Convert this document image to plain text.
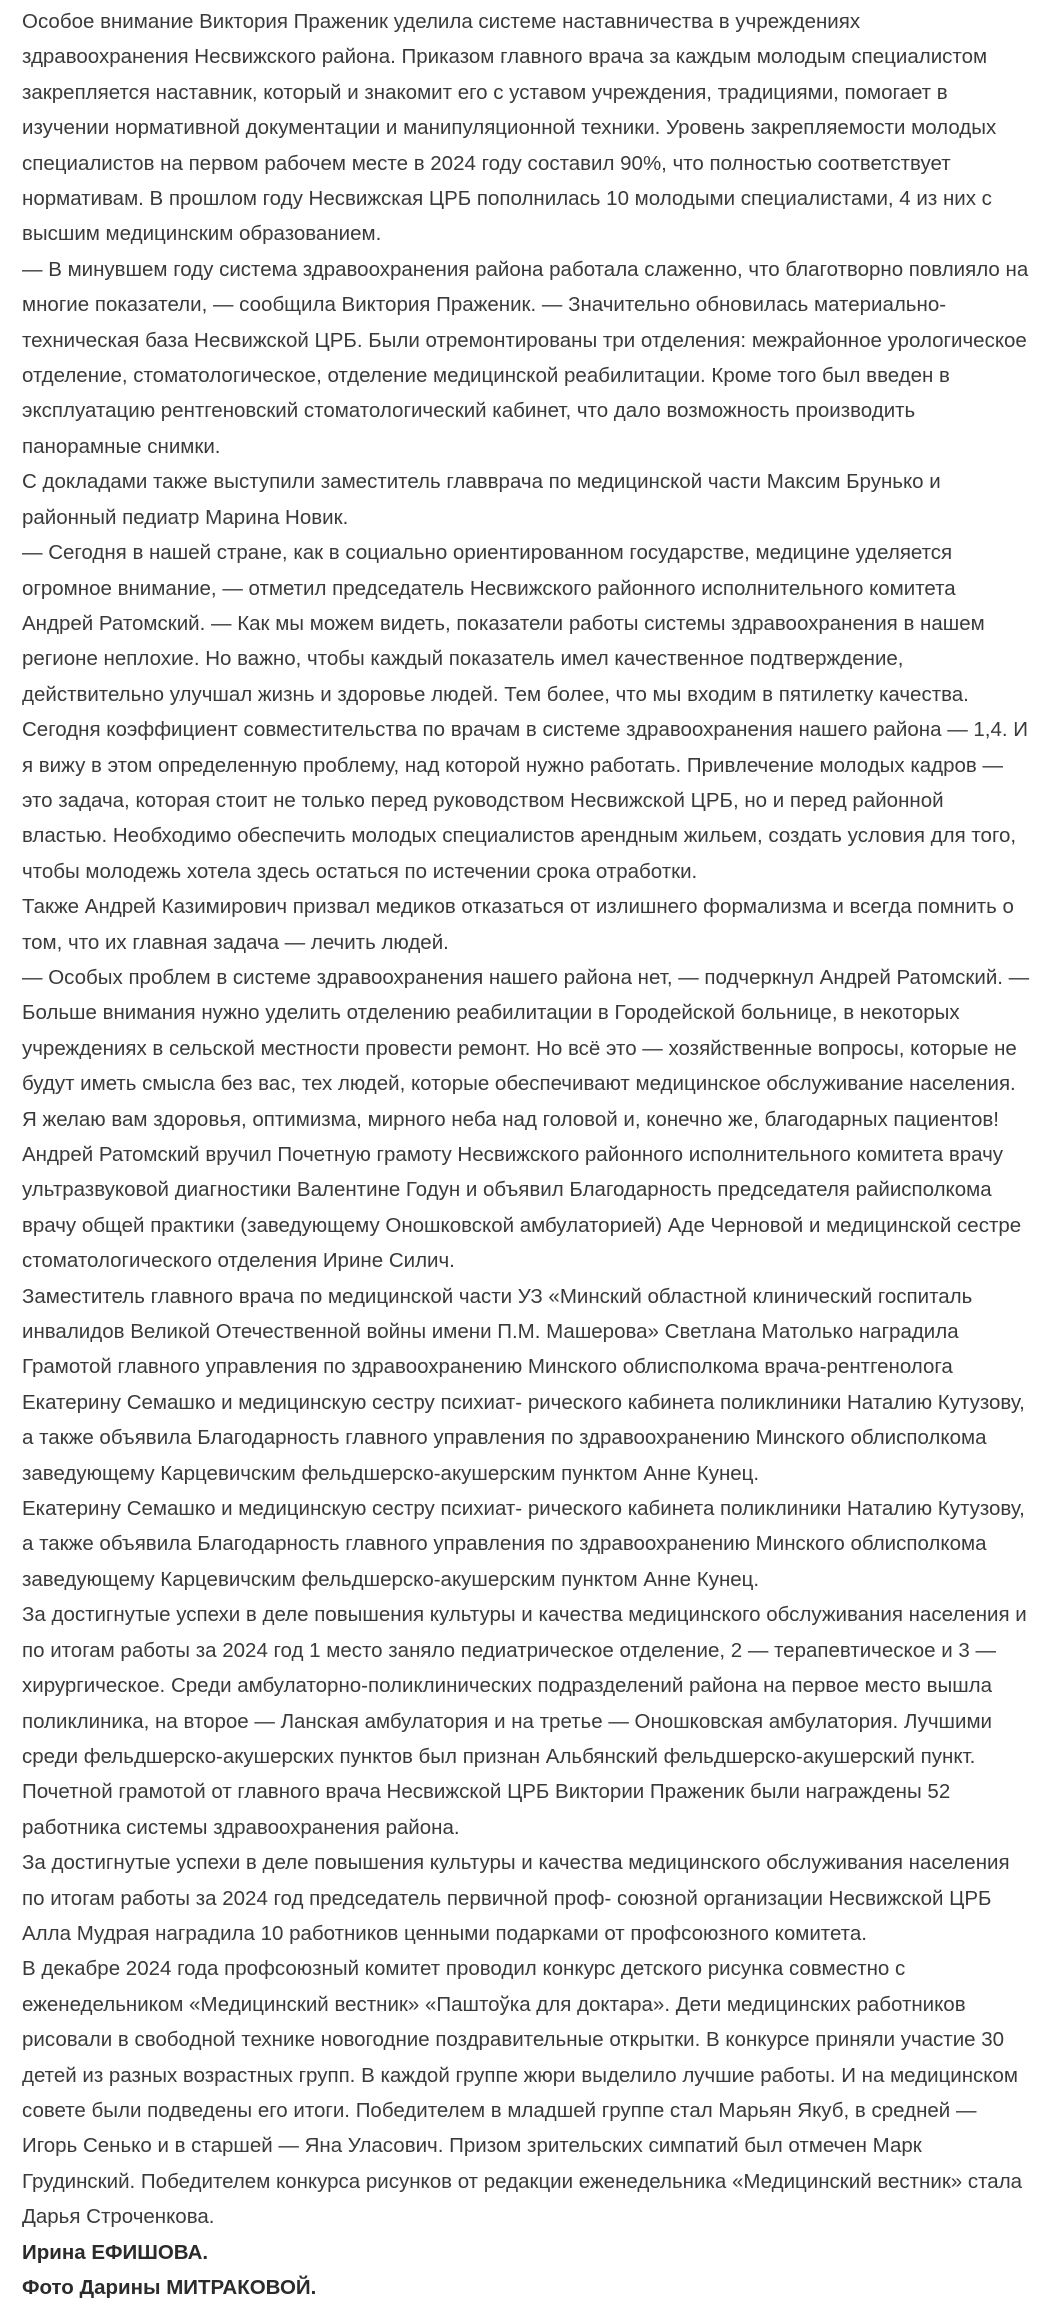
Особое внимание Виктория Праженик уделила системе наставничества в учреждениях здравоохранения Несвижского района. Приказом главного врача за каждым молодым специалистом закрепляется наставник, который и знакомит его с уставом учреждения, традициями, помогает в изучении нормативной документации и манипуляционной техники. Уровень закрепляемости молодых специалистов на первом рабочем месте в 2024 году составил 90%, что полностью соответствует нормативам. В прошлом году Несвижская ЦРБ пополнилась 10 молодыми специалистами, 4 из них с высшим медицинским образованием.

— В минувшем году система здравоохранения района работала слаженно, что благотворно повлияло на многие показатели, — сообщила Виктория Праженик. — Значительно обновилась материально-техническая база Несвижской ЦРБ. Были отремонтированы три отделения: межрайонное урологическое отделение, стоматологическое, отделение медицинской реабилитации. Кроме того был введен в эксплуатацию рентгеновский стоматологический кабинет, что дало возможность производить панорамные снимки.

С докладами также выступили заместитель главврача по медицинской части Максим Брунько и районный педиатр Марина Новик.

— Сегодня в нашей стране, как в социально ориентированном государстве, медицине уделяется огромное внимание, — отметил председатель Несвижского районного исполнительного комитета Андрей Ратомский. — Как мы можем видеть, показатели работы системы здравоохранения в нашем регионе неплохие. Но важно, чтобы каждый показатель имел качественное подтверждение, действительно улучшал жизнь и здоровье людей. Тем более, что мы входим в пятилетку качества. Сегодня коэффициент совместительства по врачам в системе здравоохранения нашего района — 1,4. И я вижу в этом определенную проблему, над которой нужно работать. Привлечение молодых кадров — это задача, которая стоит не только перед руководством Несвижской ЦРБ, но и перед районной властью. Необходимо обеспечить молодых специалистов арендным жильем, создать условия для того, чтобы молодежь хотела здесь остаться по истечении срока отработки.

Также Андрей Казимирович призвал медиков отказаться от излишнего формализма и всегда помнить о том, что их главная задача — лечить людей.

— Особых проблем в системе здравоохранения нашего района нет, — подчеркнул Андрей Ратомский. — Больше внимания нужно уделить отделению реабилитации в Городейской больнице, в некоторых учреждениях в сельской местности провести ремонт. Но всё это — хозяйственные вопросы, которые не будут иметь смысла без вас, тех людей, которые обеспечивают медицинское обслуживание населения. Я желаю вам здоровья, оптимизма, мирного неба над головой и, конечно же, благодарных пациентов!

Андрей Ратомский вручил Почетную грамоту Несвижского районного исполнительного комитета врачу ультразвуковой диагностики Валентине Годун и объявил Благодарность председателя райисполкома врачу общей практики (заведующему Оношковской амбулаторией) Аде Черновой и медицинской сестре стоматологического отделения Ирине Силич.

Заместитель главного врача по медицинской части УЗ «Минский областной клинический госпиталь инвалидов Великой Отечественной войны имени П.М. Машерова» Светлана Матолько наградила Грамотой главного управления по здравоохранению Минского облисполкома врача-рентгенолога Екатерину Семашко и медицинскую сестру психиат- рического кабинета поликлиники Наталию Кутузову, а также объявила Благодарность главного управления по здравоохранению Минского облисполкома заведующему Карцевичским фельдшерско-акушерским пунктом Анне Кунец.

Екатерину Семашко и медицинскую сестру психиат- рического кабинета поликлиники Наталию Кутузову, а также объявила Благодарность главного управления по здравоохранению Минского облисполкома заведующему Карцевичским фельдшерско-акушерским пунктом Анне Кунец.

За достигнутые успехи в деле повышения культуры и качества медицинского обслуживания населения и по итогам работы за 2024 год 1 место заняло педиатрическое отделение, 2 — терапевтическое и 3 — хирургическое. Среди амбулаторно-поликлинических подразделений района на первое место вышла поликлиника, на второе — Ланская амбулатория и на третье — Оношковская амбулатория. Лучшими среди фельдшерско-акушерских пунктов был признан Альбянский фельдшерско-акушерский пункт. Почетной грамотой от главного врача Несвижской ЦРБ Виктории Праженик были награждены 52 работника системы здравоохранения района.

За достигнутые успехи в деле повышения культуры и качества медицинского обслуживания населения по итогам работы за 2024 год председатель первичной проф- союзной организации Несвижской ЦРБ Алла Мудрая наградила 10 работников ценными подарками от профсоюзного комитета.

В декабре 2024 года профсоюзный комитет проводил конкурс детского рисунка совместно с еженедельником «Медицинский вестник» «Паштоўка для доктара». Дети медицинских работников рисовали в свободной технике новогодние поздравительные открытки. В конкурсе приняли участие 30 детей из разных возрастных групп. В каждой группе жюри выделило лучшие работы. И на медицинском совете были подведены его итоги. Победителем в младшей группе стал Марьян Якуб, в средней — Игорь Сенько и в старшей — Яна Уласович. Призом зрительских симпатий был отмечен Марк Грудинский. Победителем конкурса рисунков от редакции еженедельника «Медицинский вестник» стала Дарья Строченкова.

Ирина ЕФИШОВА.

Фото Дарины МИТРАКОВОЙ.
